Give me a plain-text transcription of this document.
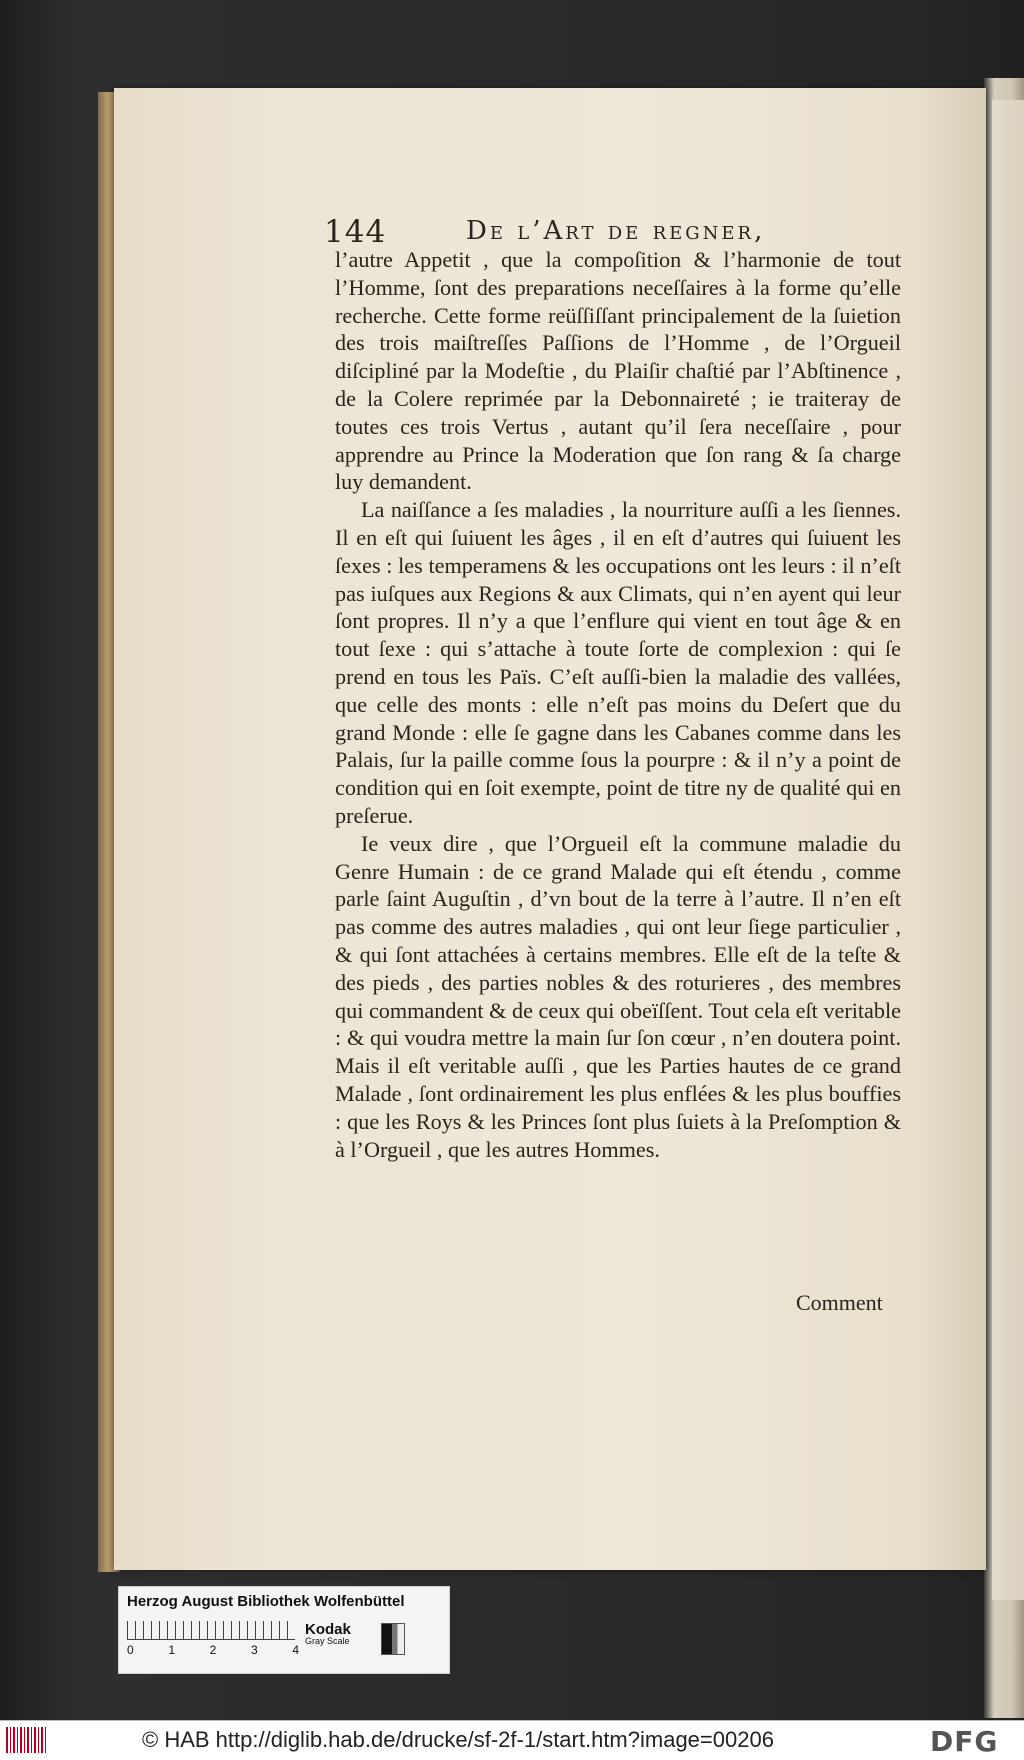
144	De l’Art de regner,

l’autre Appetit , que la compoſition & l’harmonie de tout l’Homme, ſont des preparations neceſſaires à la forme qu’elle recherche. Cette forme reüſſiſſant principalement de la ſuietion des trois maiſtreſſes Paſſions de l’Homme , de l’Orgueil diſcipliné par la Modeſtie , du Plaiſir chaſtié par l’Abſtinence , de la Colere reprimée par la Debonnaireté ; ie traiteray de toutes ces trois Vertus , autant qu’il ſera neceſſaire , pour apprendre au Prince la Moderation que ſon rang & ſa charge luy demandent.

La naiſſance a ſes maladies , la nourriture auſſi a les ſiennes. Il en eſt qui ſuiuent les âges , il en eſt d’autres qui ſuiuent les ſexes : les temperamens & les occupations ont les leurs : il n’eſt pas iuſques aux Regions & aux Climats, qui n’en ayent qui leur ſont propres. Il n’y a que l’enflure qui vient en tout âge & en tout ſexe : qui s’attache à toute ſorte de complexion : qui ſe prend en tous les Païs. C’eſt auſſi-bien la maladie des vallées, que celle des monts : elle n’eſt pas moins du Deſert que du grand Monde : elle ſe gagne dans les Cabanes comme dans les Palais, ſur la paille comme ſous la pourpre : & il n’y a point de condition qui en ſoit exempte, point de titre ny de qualité qui en preſerue.

Ie veux dire , que l’Orgueil eſt la commune maladie du Genre Humain : de ce grand Malade qui eſt étendu , comme parle ſaint Auguſtin , d’vn bout de la terre à l’autre. Il n’en eſt pas comme des autres maladies , qui ont leur ſiege particulier , & qui ſont attachées à certains membres. Elle eſt de la teſte & des pieds , des parties nobles & des roturieres , des membres qui commandent & de ceux qui obeïſſent. Tout cela eſt veritable : & qui voudra mettre la main ſur ſon cœur , n’en doutera point. Mais il eſt veritable auſſi , que les Parties hautes de ce grand Malade , ſont ordinairement les plus enflées & les plus bouffies : que les Roys & les Princes ſont plus ſuiets à la Preſomption & à l’Orgueil , que les autres Hommes.

Comment
Herzog August Bibliothek Wolfenbüttel
0	1	2	3	4
Kodak
Gray Scale
© HAB http://diglib.hab.de/drucke/sf-2f-1/start.htm?image=00206	DFG
